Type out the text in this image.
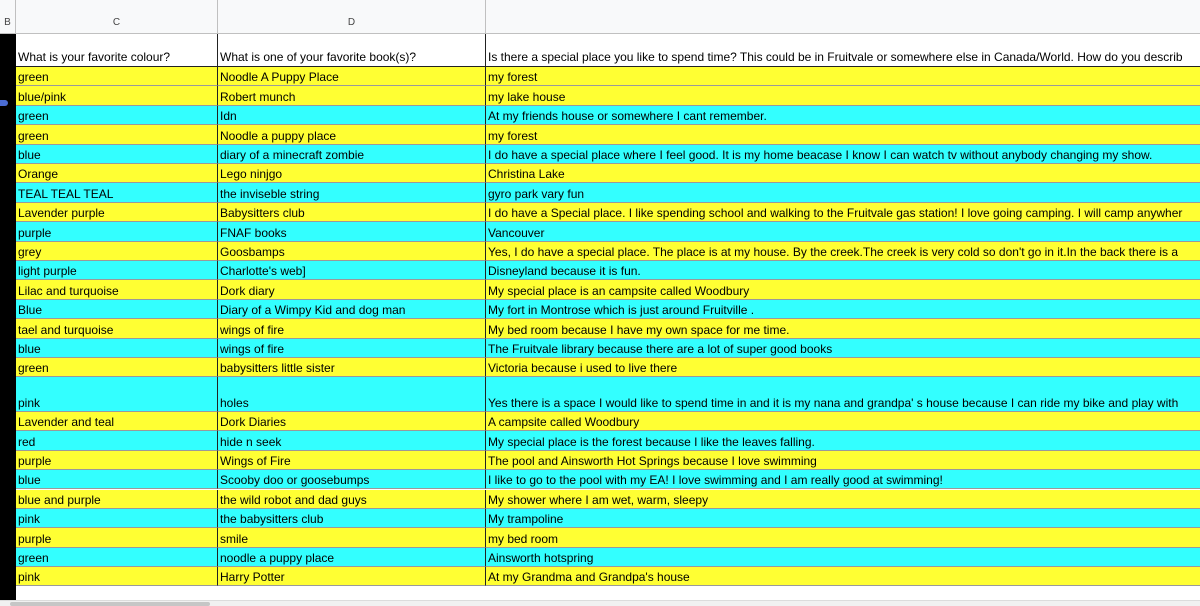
B	C	D
What is your favorite colour?	What is one of your favorite book(s)?	Is there a special place you like to spend time? This could be in Fruitvale or somewhere else in Canada/World. How do you describ
green	Noodle A Puppy Place	my forest
blue/pink	Robert munch	my lake house
green	Idn	At my friends house or somewhere I cant remember.
green	Noodle a puppy place	my forest
blue	diary of a minecraft zombie	I do have a special place where I feel good. It is my home beacase I know I can watch tv without anybody changing my show.
Orange	Lego ninjgo	Christina Lake
TEAL TEAL TEAL	the inviseble string	gyro park vary fun
Lavender purple	Babysitters club	I do have a Special place. I like spending school and walking to the Fruitvale gas station! I love going camping. I will camp anywher
purple	FNAF books	Vancouver
grey	Goosbamps	Yes, I do have a special place. The place is at my house. By the creek.The creek is very cold so don't go in it.In the back there is a
light purple	Charlotte's web]	Disneyland because it is fun.
Lilac and turquoise	Dork diary	My special place is an campsite called Woodbury
Blue	Diary of a Wimpy Kid and dog man	My fort in Montrose which is just around Fruitville .
tael and turquoise	wings of fire	My bed room because I have my own space for me time.
blue	wings of fire	The Fruitvale library because there are a lot of super good books
green	babysitters little sister	Victoria because i used to live there
pink	holes	Yes there is a space I would like to spend time in and it is my nana and grandpa' s house because I can ride my bike and play with
Lavender and teal	Dork Diaries	A campsite called Woodbury
red	hide n seek	My special place is the forest because I like the leaves falling.
purple	Wings of Fire	The pool and Ainsworth Hot Springs because I love swimming
blue	Scooby doo or goosebumps	I like to go to the pool with my EA! I love swimming and I am really good at swimming!
blue and purple	the wild robot and dad guys	My shower where I am wet, warm, sleepy
pink	the babysitters club	My trampoline
purple	smile	my bed room
green	noodle a puppy place	Ainsworth hotspring
pink	Harry Potter	At my Grandma and Grandpa's house
